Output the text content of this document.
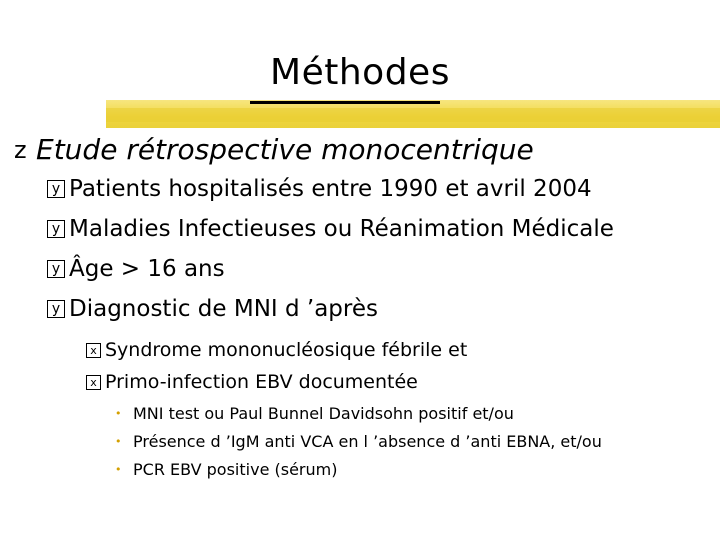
Méthodes
z Etude rétrospective monocentrique
y Patients hospitalisés entre 1990 et avril 2004
y Maladies Infectieuses ou Réanimation Médicale
y Âge > 16 ans
y Diagnostic de MNI d ’après
x Syndrome mononucléosique fébrile et
x Primo-infection EBV documentée
• MNI test ou Paul Bunnel Davidsohn positif et/ou
• Présence d ’IgM anti VCA en l ’absence d ’anti EBNA, et/ou
• PCR EBV positive (sérum)
